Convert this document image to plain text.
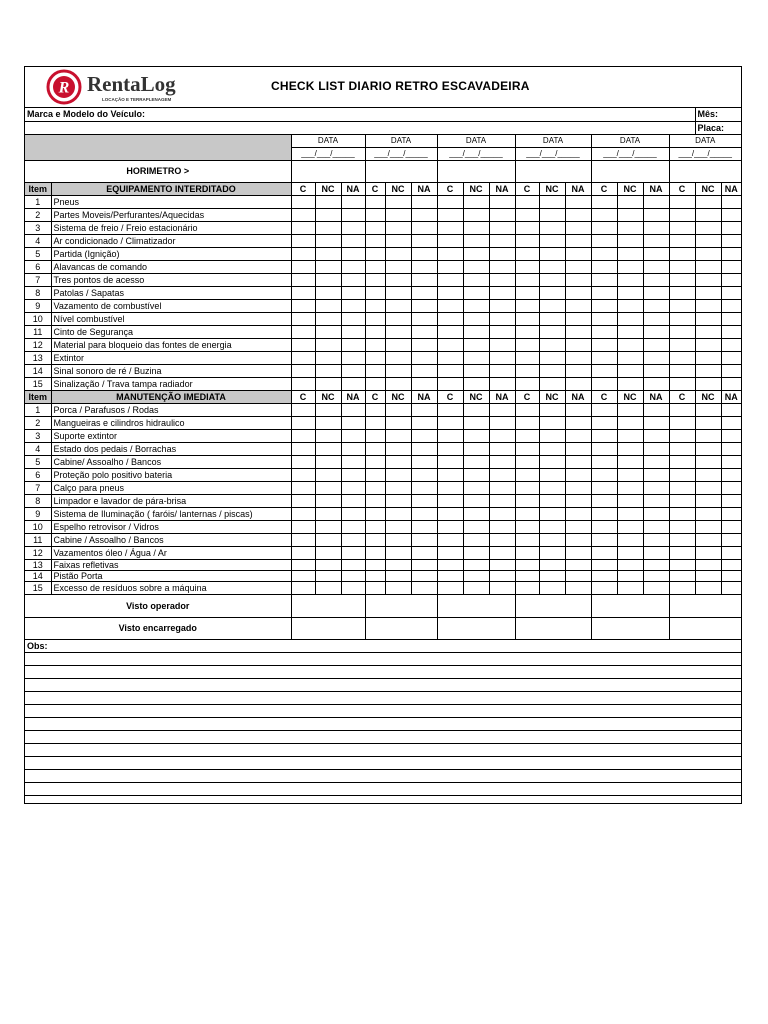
R RentaLog
LOCAÇÃO E TERRAPLENAGEM
CHECK LIST DIARIO RETRO ESCAVADEIRA
Marca e Modelo do Veículo:																		Mês:	
																		Placa:	
		DATA			DATA			DATA			DATA			DATA			DATA		
		___/___/_____			___/___/_____			___/___/_____			___/___/_____			___/___/_____			___/___/_____		
HORIMETRO >																			
Item	EQUIPAMENTO INTERDITADO	C	NC	NA	C	NC	NA	C	NC	NA	C	NC	NA	C	NC	NA	C	NC	NA
1	Pneus																		
2	Partes Moveis/Perfurantes/Aquecidas																		
3	Sistema de freio / Freio estacionário																		
4	Ar condicionado / Climatizador																		
5	Partida (Ignição)																		
6	Alavancas de comando																		
7	Tres pontos de acesso																		
8	Patolas / Sapatas																		
9	Vazamento de combustível																		
10	Nível combustível																		
11	Cinto de Segurança																		
12	Material para bloqueio das fontes de energia																		
13	Extintor																		
14	Sinal sonoro de ré / Buzina																		
15	Sinalização / Trava tampa radiador																		
Item	MANUTENÇÃO IMEDIATA	C	NC	NA	C	NC	NA	C	NC	NA	C	NC	NA	C	NC	NA	C	NC	NA
1	Porca / Parafusos / Rodas																		
2	Mangueiras e cilindros hidraulico																		
3	Suporte extintor																		
4	Estado dos pedais / Borrachas																		
5	Cabine/ Assoalho / Bancos																		
6	Proteção polo positivo bateria																		
7	Calço para pneus																		
8	Limpador e lavador de pára-brisa																		
9	Sistema de Iluminação ( faróis/ lanternas / piscas)																		
10	Espelho retrovisor / Vidros																		
11	Cabine / Assoalho / Bancos																		
12	Vazamentos óleo / Água / Ar																		
13	Faixas refletivas																		
14	Pistão Porta																		
15	Excesso de resíduos sobre a máquina																		
Visto operador																			
Visto encarregado																			
Obs:																			
